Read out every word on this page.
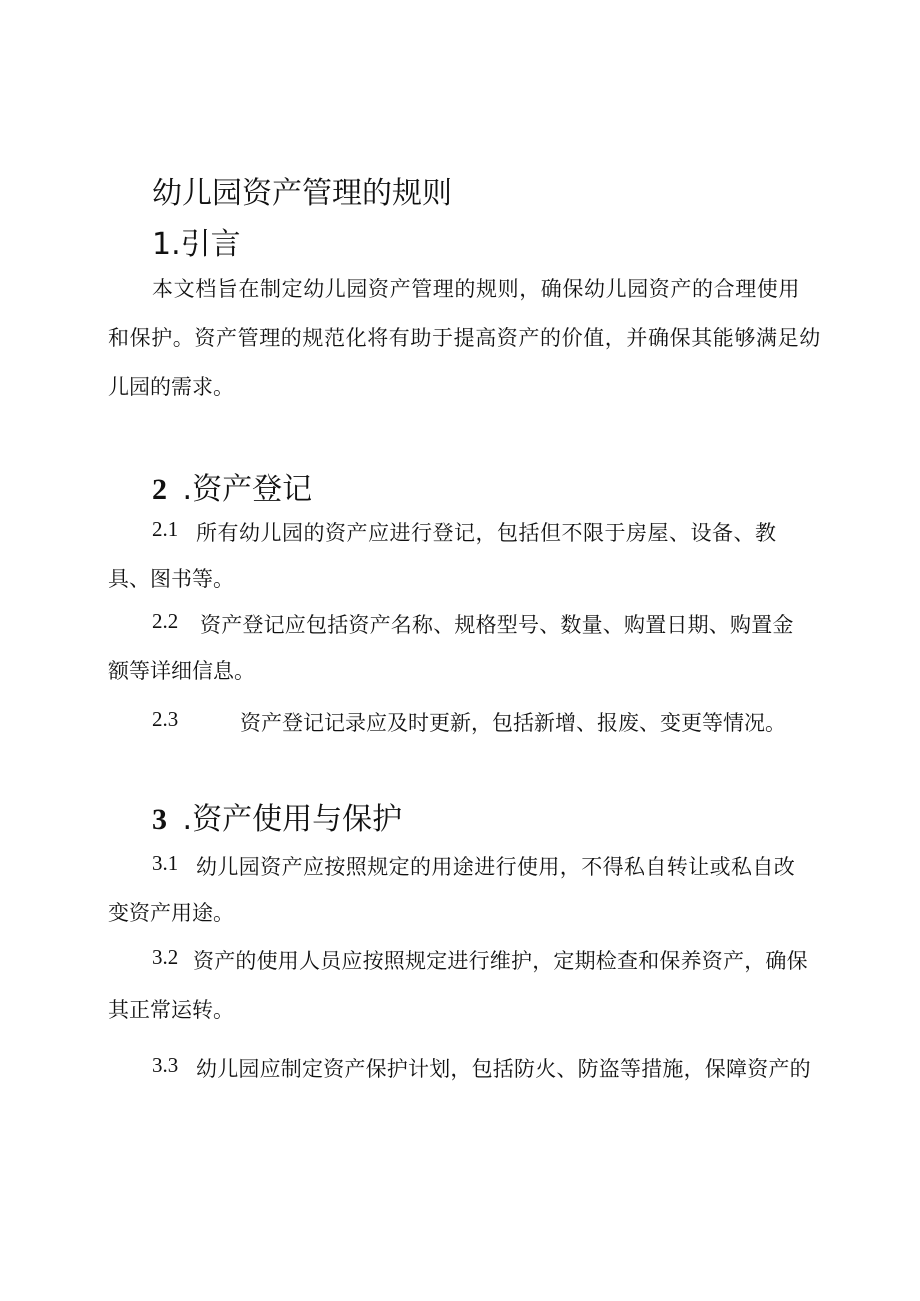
幼儿园资产管理的规则
1.引言

本文档旨在制定幼儿园资产管理的规则，确保幼儿园资产的合理使用

和保护。资产管理的规范化将有助于提高资产的价值，并确保其能够满足幼

儿园的需求。

2 .资产登记
2.1 所有幼儿园的资产应进行登记，包括但不限于房屋、设备、教

具、图书等。

2.2 资产登记应包括资产名称、规格型号、数量、购置日期、购置金

额等详细信息。

2.3	资产登记记录应及时更新，包括新增、报废、变更等情况。

3 .资产使用与保护
3.1 幼儿园资产应按照规定的用途进行使用，不得私自转让或私自改

变资产用途。

3.2 资产的使用人员应按照规定进行维护，定期检查和保养资产，确保

其正常运转。

3.3 幼儿园应制定资产保护计划，包括防火、防盗等措施，保障资产的
